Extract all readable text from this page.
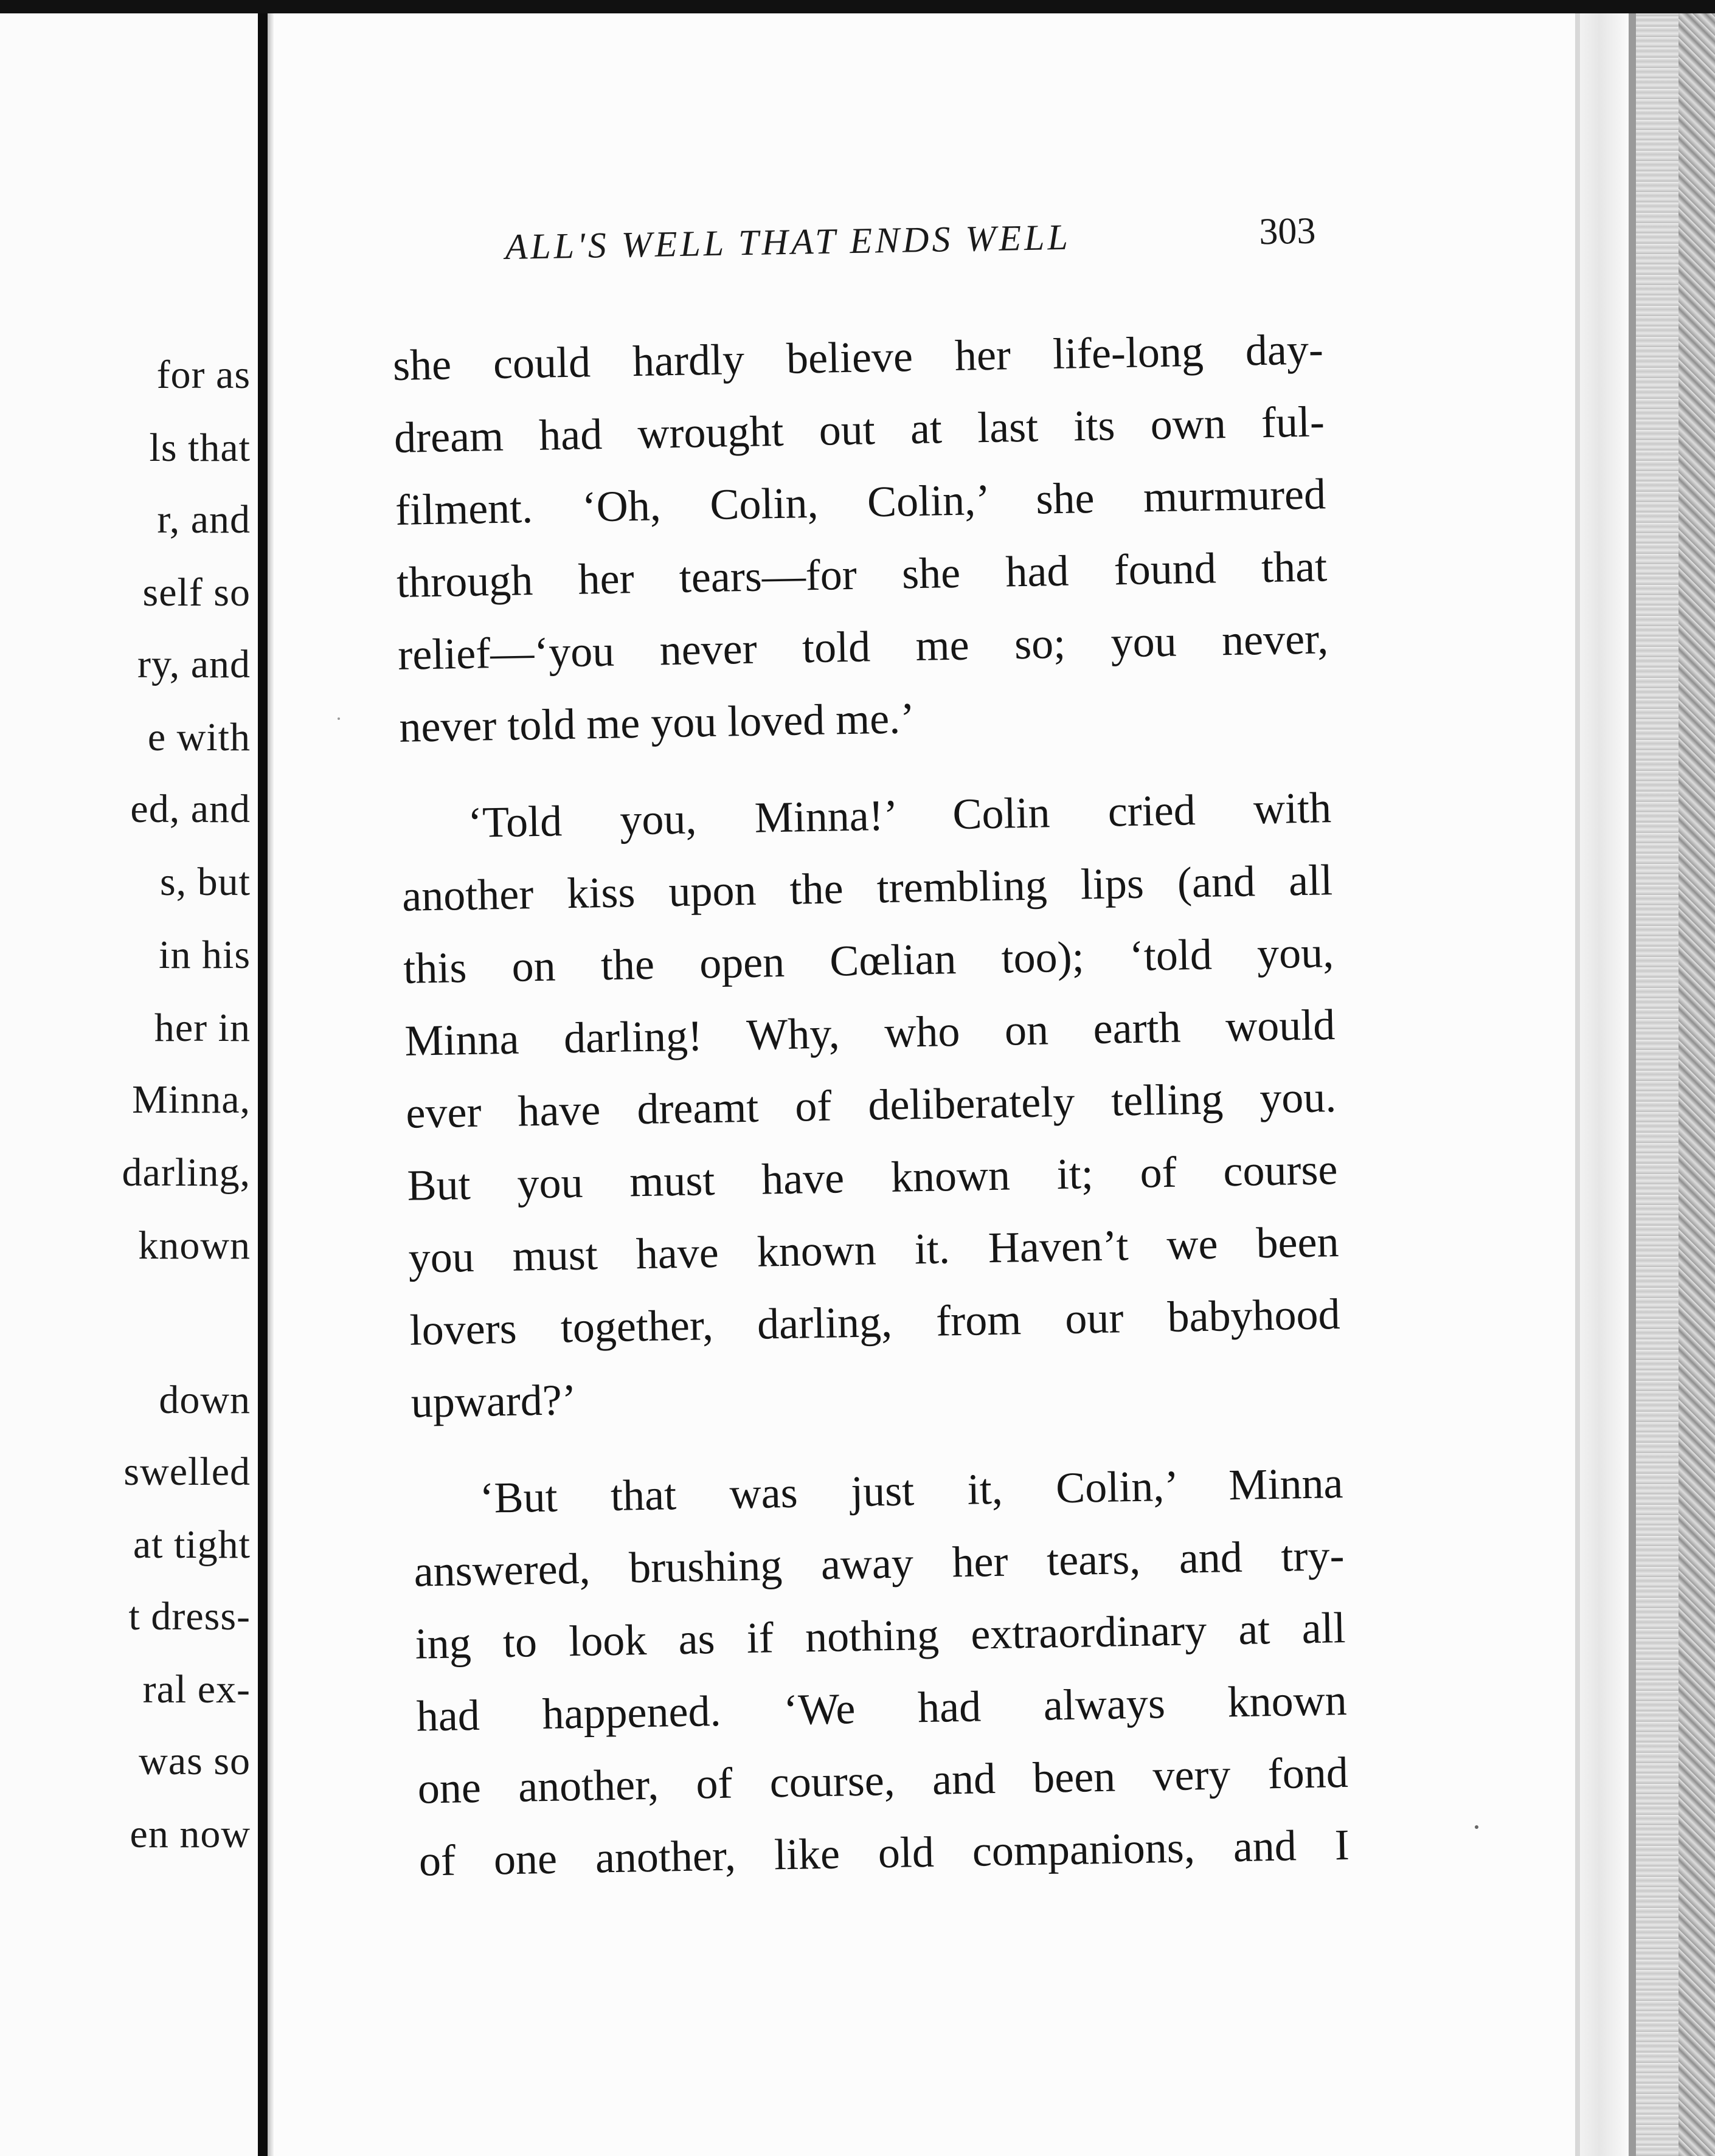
for as

ls that

r, and

self so

ry, and

e with

ed, and

s, but

in his

her in

Minna,

darling,

known

down

swelled

at tight

t dress-

ral ex-

was so

en now

ALL'S WELL THAT ENDS WELL	303

she could hardly believe her life-long day-

dream had wrought out at last its own ful-

filment. ‘Oh, Colin, Colin,’ she murmured

through her tears—for she had found that

relief—‘you never told me so; you never,

never told me you loved me.’

‘Told you, Minna!’ Colin cried with

another kiss upon the trembling lips (and all

this on the open Cœlian too); ‘told you,

Minna darling! Why, who on earth would

ever have dreamt of deliberately telling you.

But you must have known it; of course

you must have known it. Haven’t we been

lovers together, darling, from our babyhood

upward?’

‘But that was just it, Colin,’ Minna

answered, brushing away her tears, and try-

ing to look as if nothing extraordinary at all

had happened. ‘We had always known

one another, of course, and been very fond

of one another, like old companions, and I
